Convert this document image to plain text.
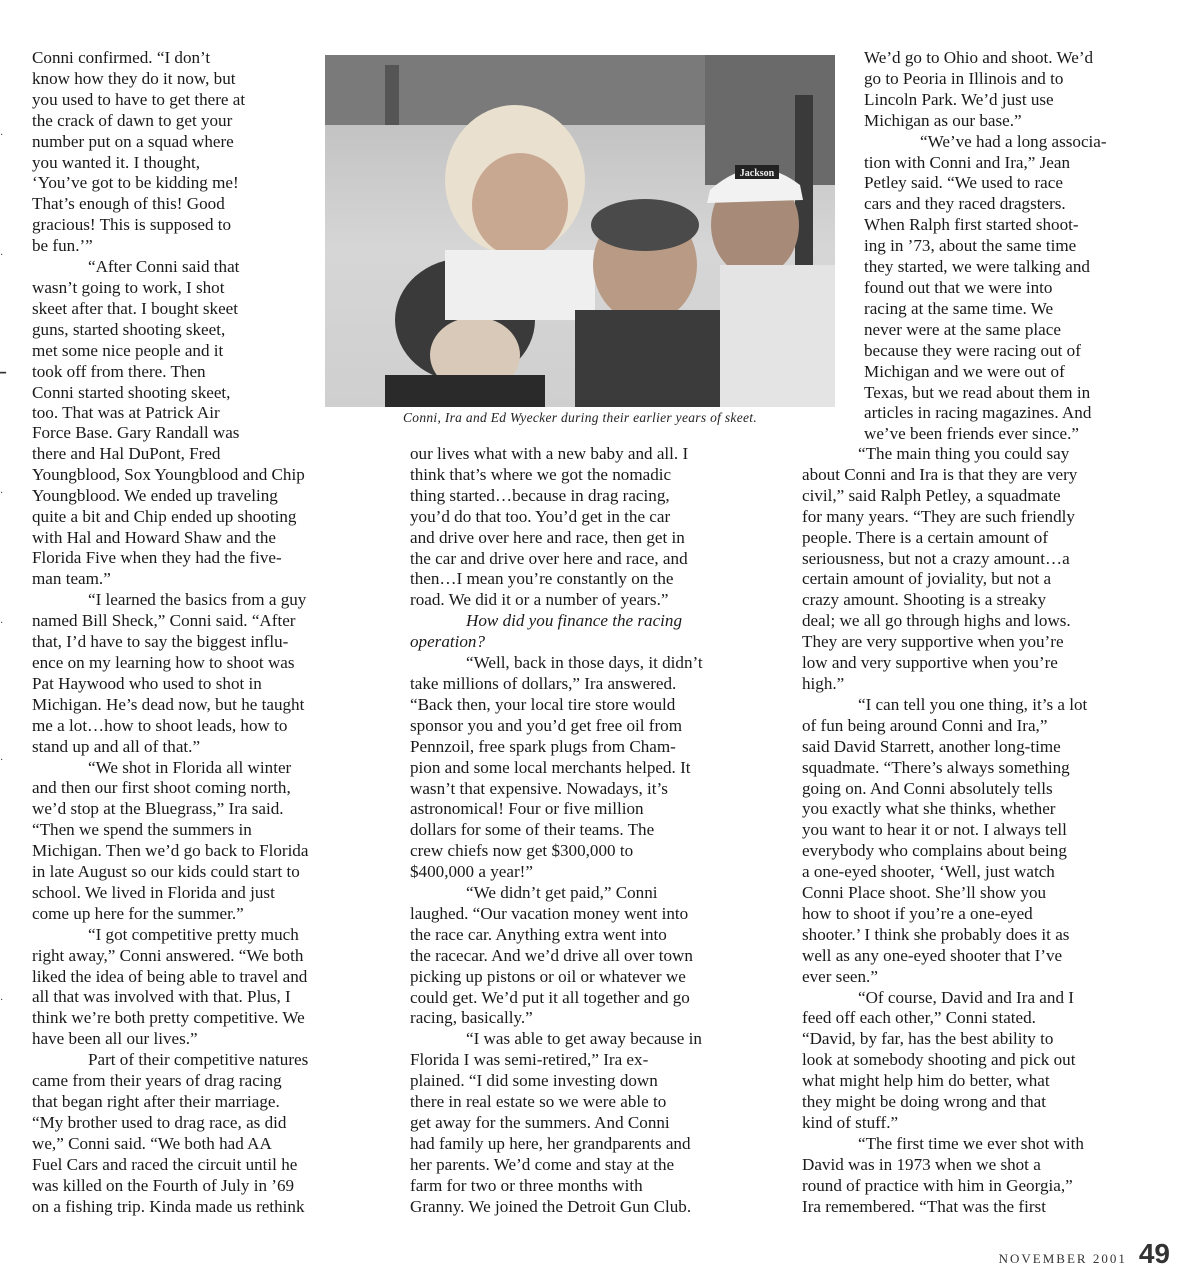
Conni confirmed. “I don’t
know how they do it now, but
you used to have to get there at
the crack of dawn to get your
number put on a squad where
you wanted it. I thought,
‘You’ve got to be kidding me!
That’s enough of this! Good
gracious! This is supposed to
be fun.’”

“After Conni said that
wasn’t going to work, I shot
skeet after that. I bought skeet
guns, started shooting skeet,
met some nice people and it
took off from there. Then
Conni started shooting skeet,
too. That was at Patrick Air

Force Base. Gary Randall was
there and Hal DuPont, Fred
Youngblood, Sox Youngblood and Chip
Youngblood. We ended up traveling
quite a bit and Chip ended up shooting
with Hal and Howard Shaw and the
Florida Five when they had the five-
man team.”

“I learned the basics from a guy
named Bill Sheck,” Conni said. “After
that, I’d have to say the biggest influ-
ence on my learning how to shoot was
Pat Haywood who used to shot in
Michigan. He’s dead now, but he taught
me a lot…how to shoot leads, how to
stand up and all of that.”

“We shot in Florida all winter
and then our first shoot coming north,
we’d stop at the Bluegrass,” Ira said.
“Then we spend the summers in
Michigan. Then we’d go back to Florida
in late August so our kids could start to
school. We lived in Florida and just
come up here for the summer.”

“I got competitive pretty much
right away,” Conni answered. “We both
liked the idea of being able to travel and
all that was involved with that. Plus, I
think we’re both pretty competitive. We
have been all our lives.”

Part of their competitive natures
came from their years of drag racing
that began right after their marriage.
“My brother used to drag race, as did
we,” Conni said. “We both had AA
Fuel Cars and raced the circuit until he
was killed on the Fourth of July in ’69
on a fishing trip. Kinda made us rethink

Jackson
Conni, Ira and Ed Wyecker during their earlier years of skeet.

our lives what with a new baby and all. I
think that’s where we got the nomadic
thing started…because in drag racing,
you’d do that too. You’d get in the car
and drive over here and race, then get in
the car and drive over here and race, and
then…I mean you’re constantly on the
road. We did it or a number of years.”

How did you finance the racing
operation?

“Well, back in those days, it didn’t
take millions of dollars,” Ira answered.
“Back then, your local tire store would
sponsor you and you’d get free oil from
Pennzoil, free spark plugs from Cham-
pion and some local merchants helped. It
wasn’t that expensive. Nowadays, it’s
astronomical! Four or five million
dollars for some of their teams. The
crew chiefs now get $300,000 to
$400,000 a year!”

“We didn’t get paid,” Conni
laughed. “Our vacation money went into
the race car. Anything extra went into
the racecar. And we’d drive all over town
picking up pistons or oil or whatever we
could get. We’d put it all together and go
racing, basically.”

“I was able to get away because in
Florida I was semi-retired,” Ira ex-
plained. “I did some investing down
there in real estate so we were able to
get away for the summers. And Conni
had family up here, her grandparents and
her parents. We’d come and stay at the
farm for two or three months with
Granny. We joined the Detroit Gun Club.

We’d go to Ohio and shoot. We’d
go to Peoria in Illinois and to
Lincoln Park. We’d just use
Michigan as our base.”

“We’ve had a long associa-
tion with Conni and Ira,” Jean
Petley said. “We used to race
cars and they raced dragsters.
When Ralph first started shoot-
ing in ’73, about the same time
they started, we were talking and
found out that we were into
racing at the same time. We
never were at the same place
because they were racing out of
Michigan and we were out of
Texas, but we read about them in
articles in racing magazines. And
we’ve been friends ever since.”

“The main thing you could say
about Conni and Ira is that they are very
civil,” said Ralph Petley, a squadmate
for many years. “They are such friendly
people. There is a certain amount of
seriousness, but not a crazy amount…a
certain amount of joviality, but not a
crazy amount. Shooting is a streaky
deal; we all go through highs and lows.
They are very supportive when you’re
low and very supportive when you’re
high.”

“I can tell you one thing, it’s a lot
of fun being around Conni and Ira,”
said David Starrett, another long-time
squadmate. “There’s always something
going on. And Conni absolutely tells
you exactly what she thinks, whether
you want to hear it or not. I always tell
everybody who complains about being
a one-eyed shooter, ‘Well, just watch
Conni Place shoot. She’ll show you
how to shoot if you’re a one-eyed
shooter.’ I think she probably does it as
well as any one-eyed shooter that I’ve
ever seen.”

“Of course, David and Ira and I
feed off each other,” Conni stated.
“David, by far, has the best ability to
look at somebody shooting and pick out
what might help him do better, what
they might be doing wrong and that
kind of stuff.”

“The first time we ever shot with
David was in 1973 when we shot a
round of practice with him in Georgia,”
Ira remembered. “That was the first

NOVEMBER 2001 49
·
·
━
·
·
·
·
